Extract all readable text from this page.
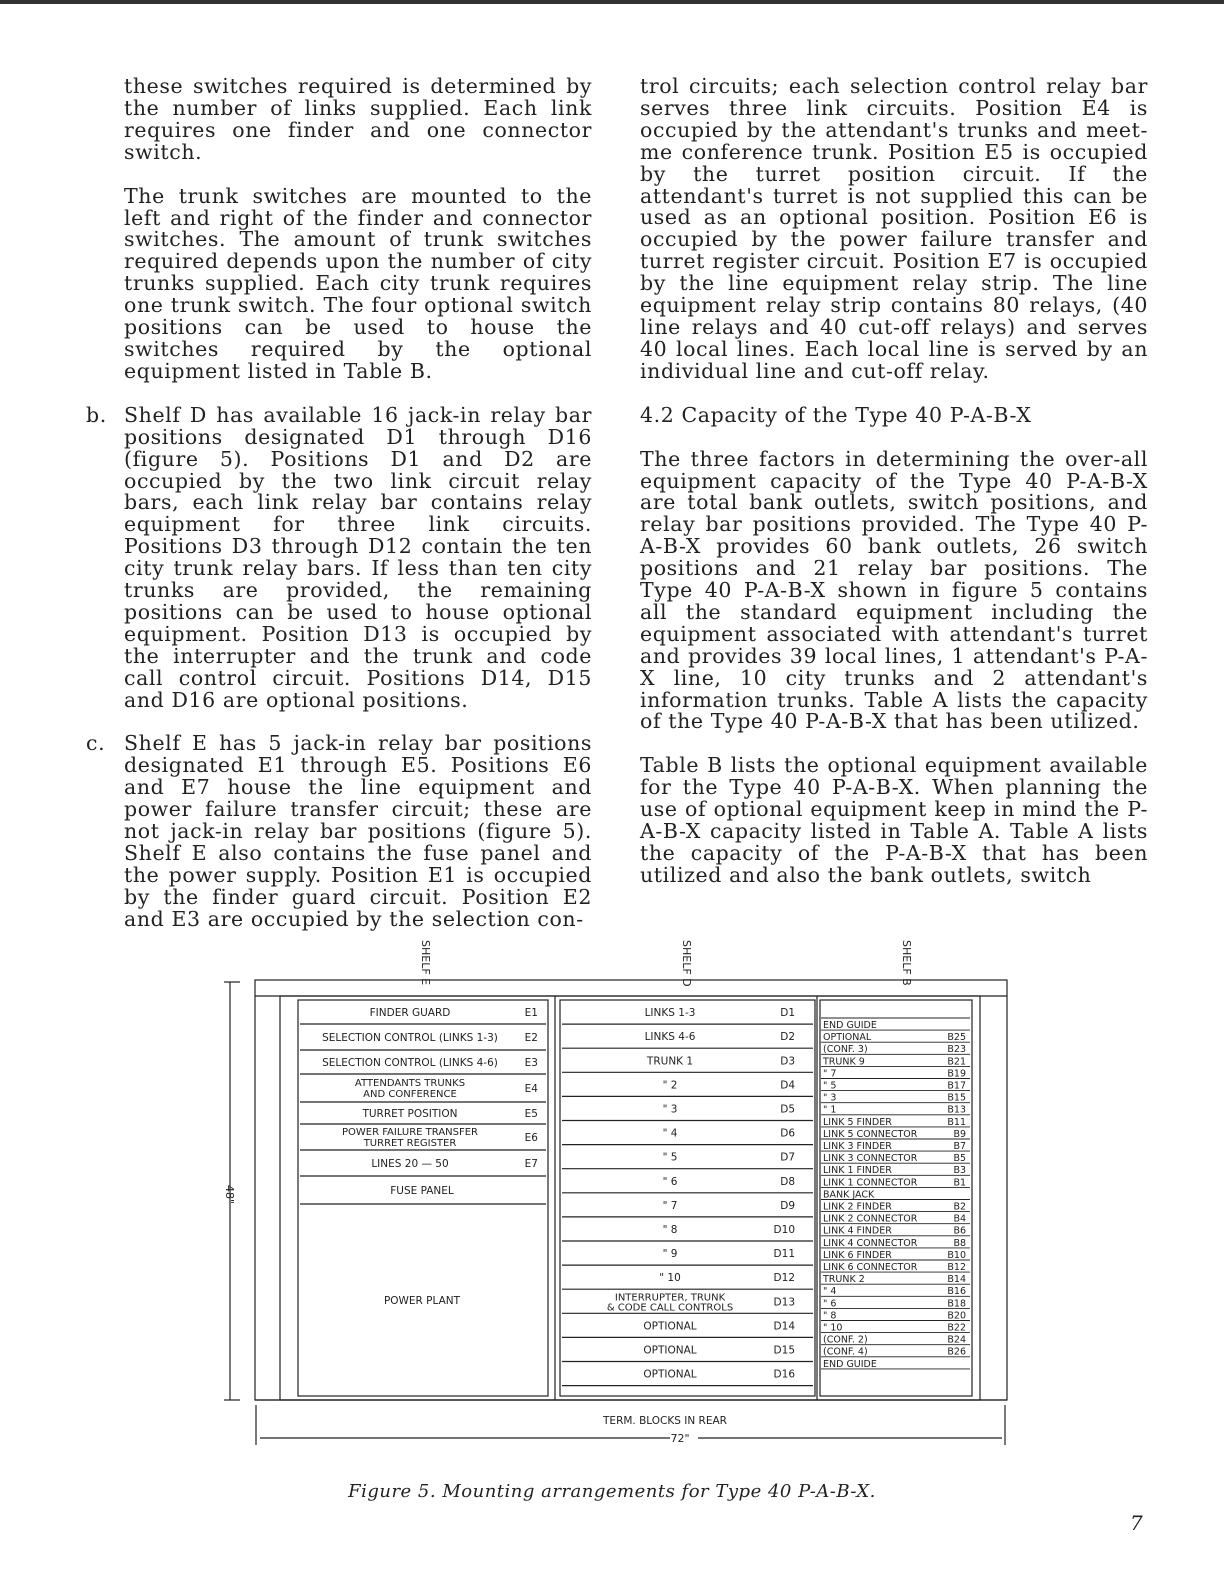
these switches required is determined by the number of links supplied. Each link requires one finder and one connector switch.

The trunk switches are mounted to the left and right of the finder and connector switches. The amount of trunk switches required depends upon the number of city trunks supplied. Each city trunk requires one trunk switch. The four optional switch positions can be used to house the switches required by the optional equipment listed in Table B.

b. Shelf D has available 16 jack-in relay bar positions designated D1 through D16 (figure 5). Positions D1 and D2 are occupied by the two link circuit relay bars, each link relay bar contains relay equipment for three link circuits. Positions D3 through D12 contain the ten city trunk relay bars. If less than ten city trunks are provided, the remaining positions can be used to house optional equipment. Position D13 is occupied by the interrupter and the trunk and code call control circuit. Positions D14, D15 and D16 are optional positions.

c. Shelf E has 5 jack-in relay bar positions designated E1 through E5. Positions E6 and E7 house the line equipment and power failure transfer circuit; these are not jack-in relay bar positions (figure 5). Shelf E also contains the fuse panel and the power supply. Position E1 is occupied by the finder guard circuit. Position E2 and E3 are occupied by the selection con-

trol circuits; each selection control relay bar serves three link circuits. Position E4 is occupied by the attendant's trunks and meet-me conference trunk. Position E5 is occupied by the turret position circuit. If the attendant's turret is not supplied this can be used as an optional position. Position E6 is occupied by the power failure transfer and turret register circuit. Position E7 is occupied by the line equipment relay strip. The line equipment relay strip contains 80 relays, (40 line relays and 40 cut-off relays) and serves 40 local lines. Each local line is served by an individual line and cut-off relay.

4.2 Capacity of the Type 40 P-A-B-X

The three factors in determining the over-all equipment capacity of the Type 40 P-A-B-X are total bank outlets, switch positions, and relay bar positions provided. The Type 40 P-A-B-X provides 60 bank outlets, 26 switch positions and 21 relay bar positions. The Type 40 P-A-B-X shown in figure 5 contains all the standard equipment including the equipment associated with attendant's turret and provides 39 local lines, 1 attendant's P-A-X line, 10 city trunks and 2 attendant's information trunks. Table A lists the capacity of the Type 40 P-A-B-X that has been utilized.

Table B lists the optional equipment available for the Type 40 P-A-B-X. When planning the use of optional equipment keep in mind the P-A-B-X capacity listed in Table A. Table A lists the capacity of the P-A-B-X that has been utilized and also the bank outlets, switch

SHELF E	SHELF D	SHELF B
FINDER GUARD	E1
SELECTION CONTROL (LINKS 1-3)	E2
SELECTION CONTROL (LINKS 4-6)	E3
ATTENDANTS TRUNKS
AND CONFERENCE	E4
TURRET POSITION	E5
POWER FAILURE TRANSFER
TURRET REGISTER	E6
LINES 20 — 50	E7
FUSE PANEL
POWER PLANT
LINKS 1-3	D1
LINKS 4-6	D2
TRUNK 1	D3
" 2	D4
" 3	D5
" 4	D6
" 5	D7
" 6	D8
" 7	D9
" 8	D10
" 9	D11
" 10	D12
INTERRUPTER, TRUNK
& CODE CALL CONTROLS	D13
OPTIONAL	D14
OPTIONAL	D15
OPTIONAL	D16
END GUIDE
OPTIONAL	B25
(CONF. 3)	B23
TRUNK 9	B21
" 7	B19
" 5	B17
" 3	B15
" 1	B13
LINK 5 FINDER	B11
LINK 5 CONNECTOR	B9
LINK 3 FINDER	B7
LINK 3 CONNECTOR	B5
LINK 1 FINDER	B3
LINK 1 CONNECTOR	B1
BANK JACK
LINK 2 FINDER	B2
LINK 2 CONNECTOR	B4
LINK 4 FINDER	B6
LINK 4 CONNECTOR	B8
LINK 6 FINDER	B10
LINK 6 CONNECTOR	B12
TRUNK 2	B14
" 4	B16
" 6	B18
" 8	B20
" 10	B22
(CONF. 2)	B24
(CONF. 4)	B26
END GUIDE
48"
72"
TERM. BLOCKS IN REAR
Figure 5. Mounting arrangements for Type 40 P-A-B-X.
7
